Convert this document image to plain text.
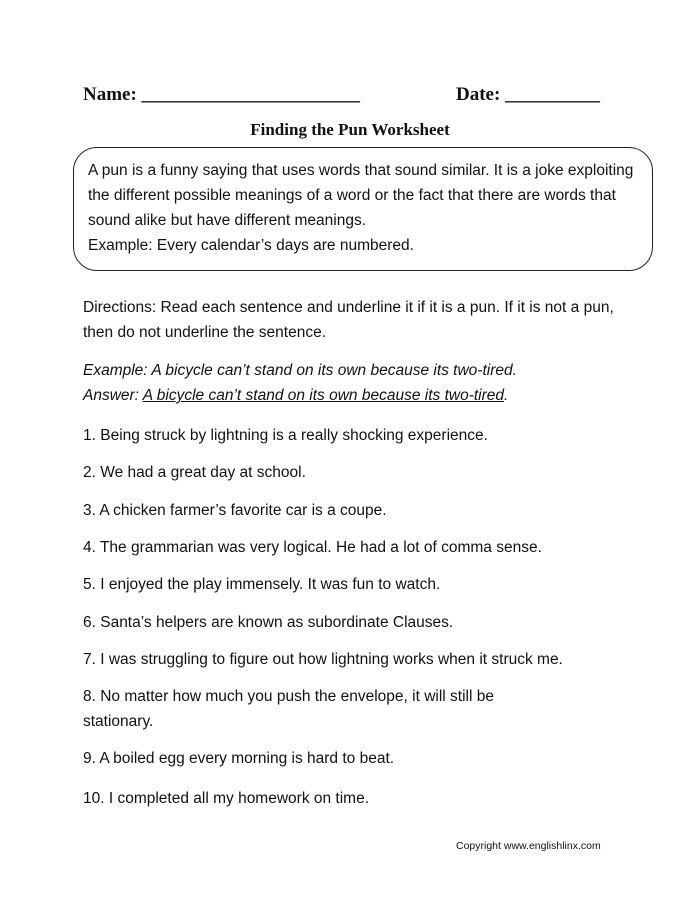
Name: _______________________	Date: __________
Finding the Pun Worksheet

A pun is a funny saying that uses words that sound similar. It is a joke exploiting the different possible meanings of a word or the fact that there are words that sound alike but have different meanings.

Example: Every calendar’s days are numbered.

Directions: Read each sentence and underline it if it is a pun. If it is not a pun, then do not underline the sentence.

Example: A bicycle can’t stand on its own because its two-tired.

Answer: A bicycle can’t stand on its own because its two-tired.

1. Being struck by lightning is a really shocking experience.

2. We had a great day at school.

3. A chicken farmer’s favorite car is a coupe.

4. The grammarian was very logical. He had a lot of comma sense.

5. I enjoyed the play immensely. It was fun to watch.

6. Santa’s helpers are known as subordinate Clauses.

7. I was struggling to figure out how lightning works when it struck me.

8. No matter how much you push the envelope, it will still be stationary.

9. A boiled egg every morning is hard to beat.

10. I completed all my homework on time.

Copyright www.englishlinx.com
